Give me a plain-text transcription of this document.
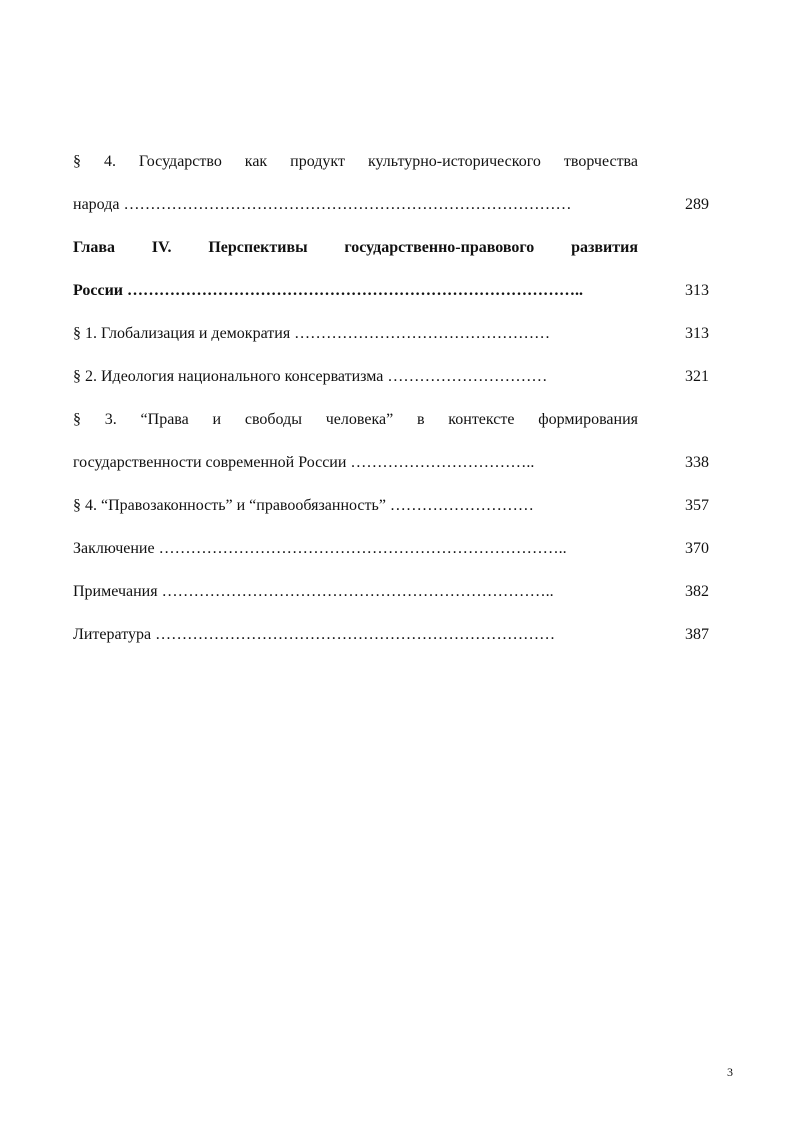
§ 4. Государство как продукт культурно-исторического творчества
народа …………………………………………………………………………	289
Глава IV. Перспективы государственно-правового развития
России …………………………………………………………………………..	313
§ 1. Глобализация и демократия …………………………………………	313
§ 2. Идеология национального консерватизма …………………………	321
§ 3. “Права и свободы человека” в контексте формирования
государственности современной России ……………………………..	338
§ 4. “Правозаконность” и “правообязанность” ………………………	357
Заключение …………………………………………………………………..	370
Примечания ………………………………………………………………..	382
Литература …………………………………………………………………	387
3
